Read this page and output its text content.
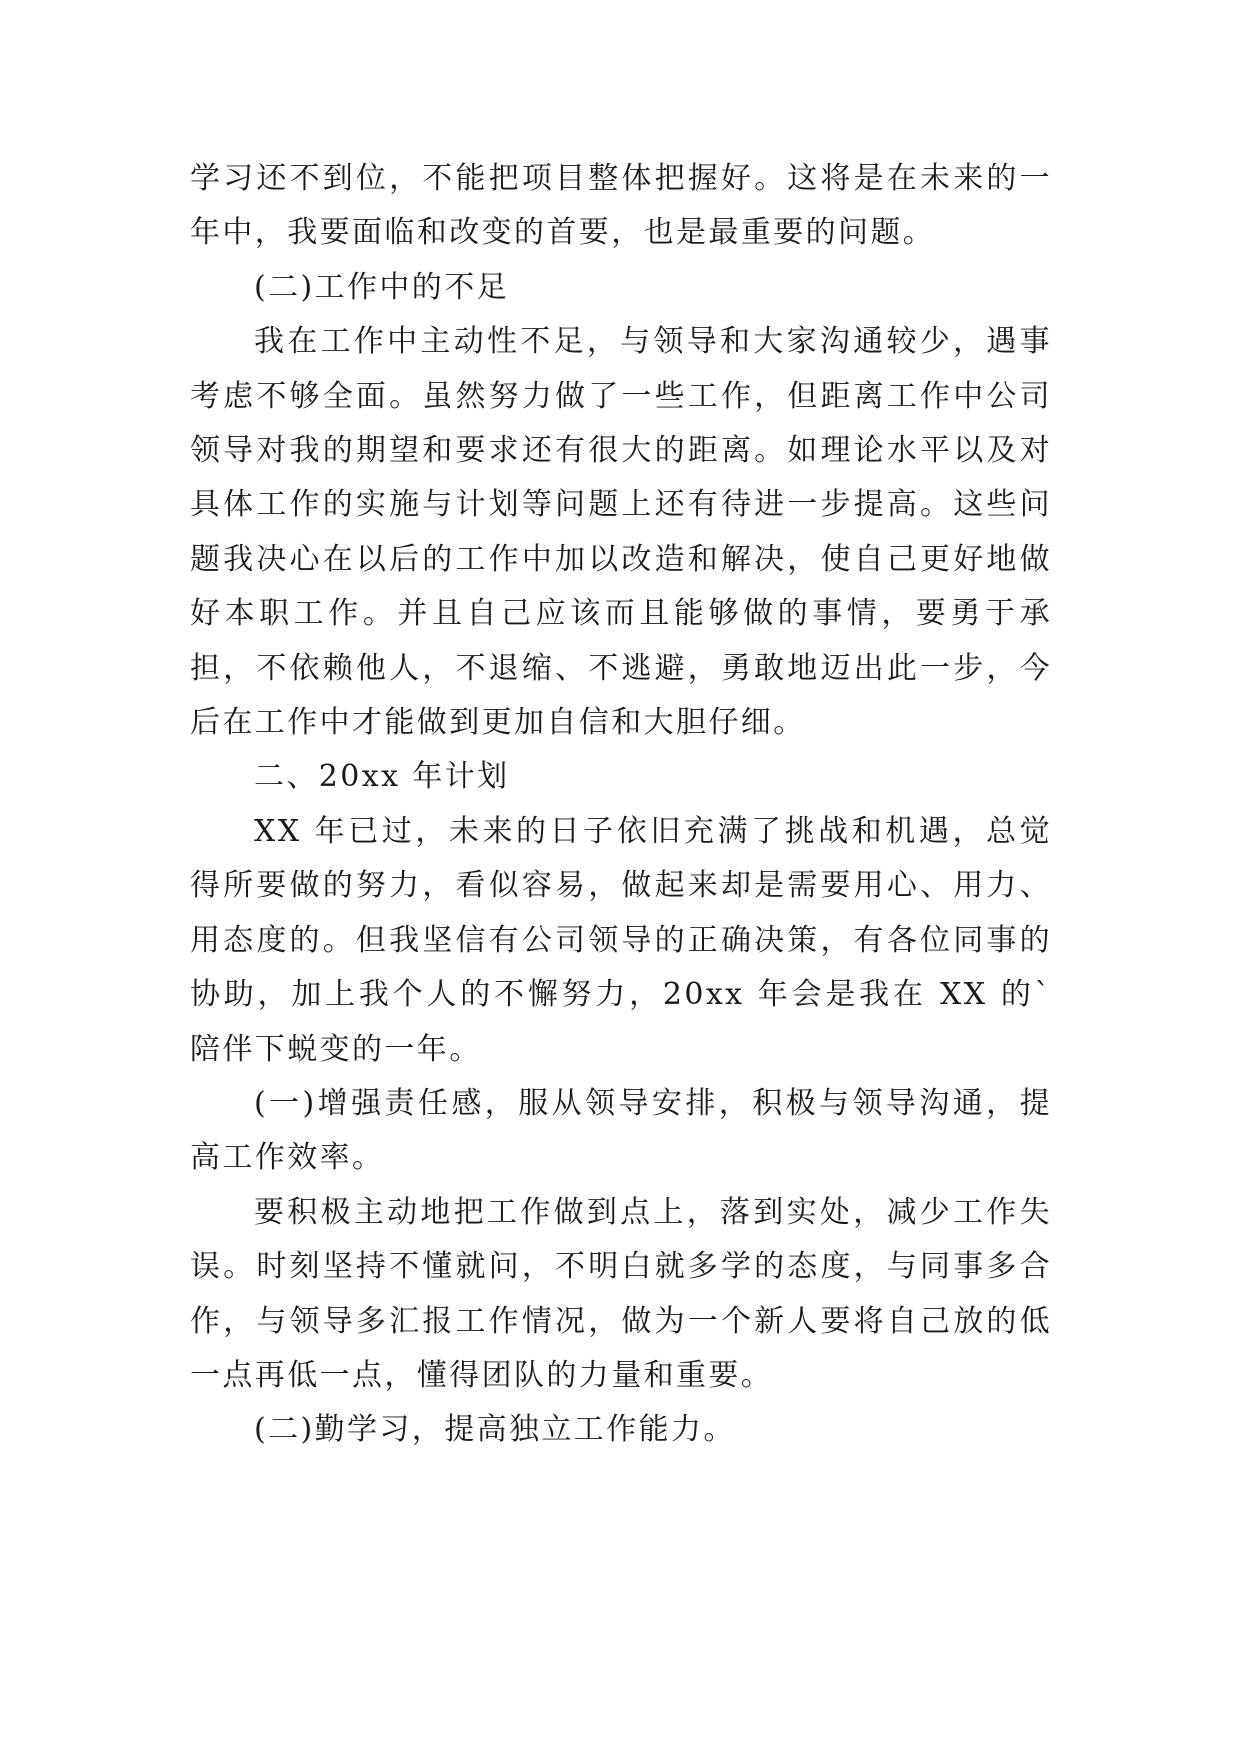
学习还不到位，不能把项目整体把握好。这将是在未来的一年中，我要面临和改变的首要，也是最重要的问题。

(二)工作中的不足

我在工作中主动性不足，与领导和大家沟通较少，遇事考虑不够全面。虽然努力做了一些工作，但距离工作中公司领导对我的期望和要求还有很大的距离。如理论水平以及对具体工作的实施与计划等问题上还有待进一步提高。这些问题我决心在以后的工作中加以改造和解决，使自己更好地做好本职工作。并且自己应该而且能够做的事情，要勇于承担，不依赖他人，不退缩、不逃避，勇敢地迈出此一步，今后在工作中才能做到更加自信和大胆仔细。

二、20xx 年计划

XX 年已过，未来的日子依旧充满了挑战和机遇，总觉得所要做的努力，看似容易，做起来却是需要用心、用力、用态度的。但我坚信有公司领导的正确决策，有各位同事的协助，加上我个人的不懈努力，20xx 年会是我在 XX 的`陪伴下蜕变的一年。

(一)增强责任感，服从领导安排，积极与领导沟通，提高工作效率。

要积极主动地把工作做到点上，落到实处，减少工作失误。时刻坚持不懂就问，不明白就多学的态度，与同事多合作，与领导多汇报工作情况，做为一个新人要将自己放的低一点再低一点，懂得团队的力量和重要。

(二)勤学习，提高独立工作能力。
